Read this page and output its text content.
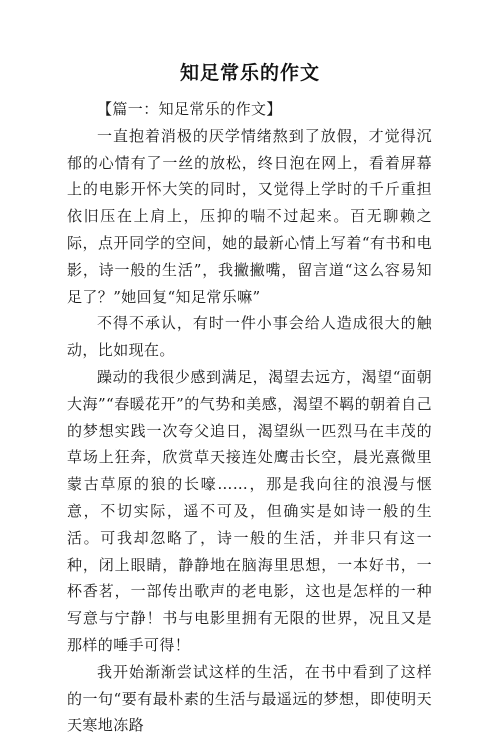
知足常乐的作文

【篇一：知足常乐的作文】

一直抱着消极的厌学情绪熬到了放假，才觉得沉郁的心情有了一丝的放松，终日泡在网上，看着屏幕上的电影开怀大笑的同时，又觉得上学时的千斤重担依旧压在上肩上，压抑的喘不过起来。百无聊赖之际，点开同学的空间，她的最新心情上写着“有书和电影，诗一般的生活”，我撇撇嘴，留言道“这么容易知足了？”她回复“知足常乐嘛”

不得不承认，有时一件小事会给人造成很大的触动，比如现在。

躁动的我很少感到满足，渴望去远方，渴望“面朝大海”“春暖花开”的气势和美感，渴望不羁的朝着自己的梦想实践一次夸父追日，渴望纵一匹烈马在丰茂的草场上狂奔，欣赏草天接连处鹰击长空，晨光熹微里蒙古草原的狼的长嚎……，那是我向往的浪漫与惬意，不切实际，遥不可及，但确实是如诗一般的生活。可我却忽略了，诗一般的生活，并非只有这一种，闭上眼睛，静静地在脑海里思想，一本好书，一杯香茗，一部传出歌声的老电影，这也是怎样的一种写意与宁静！书与电影里拥有无限的世界，况且又是那样的唾手可得！

我开始渐渐尝试这样的生活，在书中看到了这样的一句“要有最朴素的生活与最遥远的梦想，即使明天天寒地冻路
